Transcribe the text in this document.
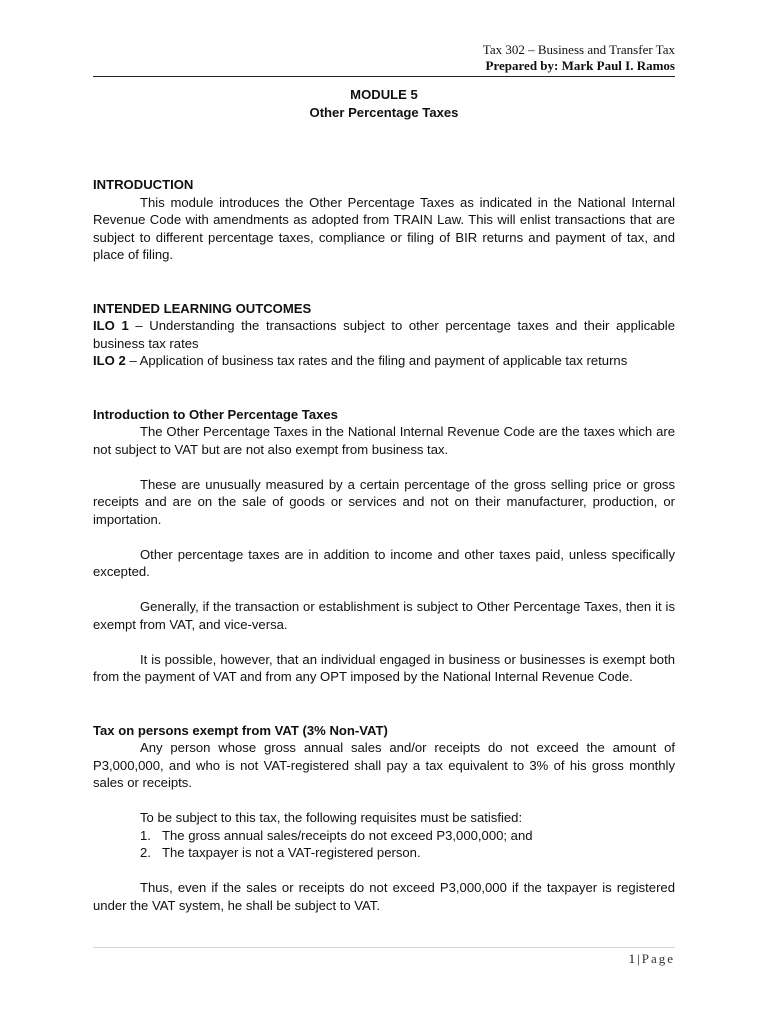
Tax 302 – Business and Transfer Tax
Prepared by: Mark Paul I. Ramos
MODULE 5
Other Percentage Taxes
INTRODUCTION

This module introduces the Other Percentage Taxes as indicated in the National Internal Revenue Code with amendments as adopted from TRAIN Law. This will enlist transactions that are subject to different percentage taxes, compliance or filing of BIR returns and payment of tax, and place of filing.

INTENDED LEARNING OUTCOMES

ILO 1 – Understanding the transactions subject to other percentage taxes and their applicable business tax rates

ILO 2 – Application of business tax rates and the filing and payment of applicable tax returns

Introduction to Other Percentage Taxes

The Other Percentage Taxes in the National Internal Revenue Code are the taxes which are not subject to VAT but are not also exempt from business tax.

These are unusually measured by a certain percentage of the gross selling price or gross receipts and are on the sale of goods or services and not on their manufacturer, production, or importation.

Other percentage taxes are in addition to income and other taxes paid, unless specifically excepted.

Generally, if the transaction or establishment is subject to Other Percentage Taxes, then it is exempt from VAT, and vice-versa.

It is possible, however, that an individual engaged in business or businesses is exempt both from the payment of VAT and from any OPT imposed by the National Internal Revenue Code.

Tax on persons exempt from VAT (3% Non-VAT)

Any person whose gross annual sales and/or receipts do not exceed the amount of P3,000,000, and who is not VAT-registered shall pay a tax equivalent to 3% of his gross monthly sales or receipts.

To be subject to this tax, the following requisites must be satisfied:
1. The gross annual sales/receipts do not exceed P3,000,000; and
2. The taxpayer is not a VAT-registered person.

Thus, even if the sales or receipts do not exceed P3,000,000 if the taxpayer is registered under the VAT system, he shall be subject to VAT.

1 | Page
